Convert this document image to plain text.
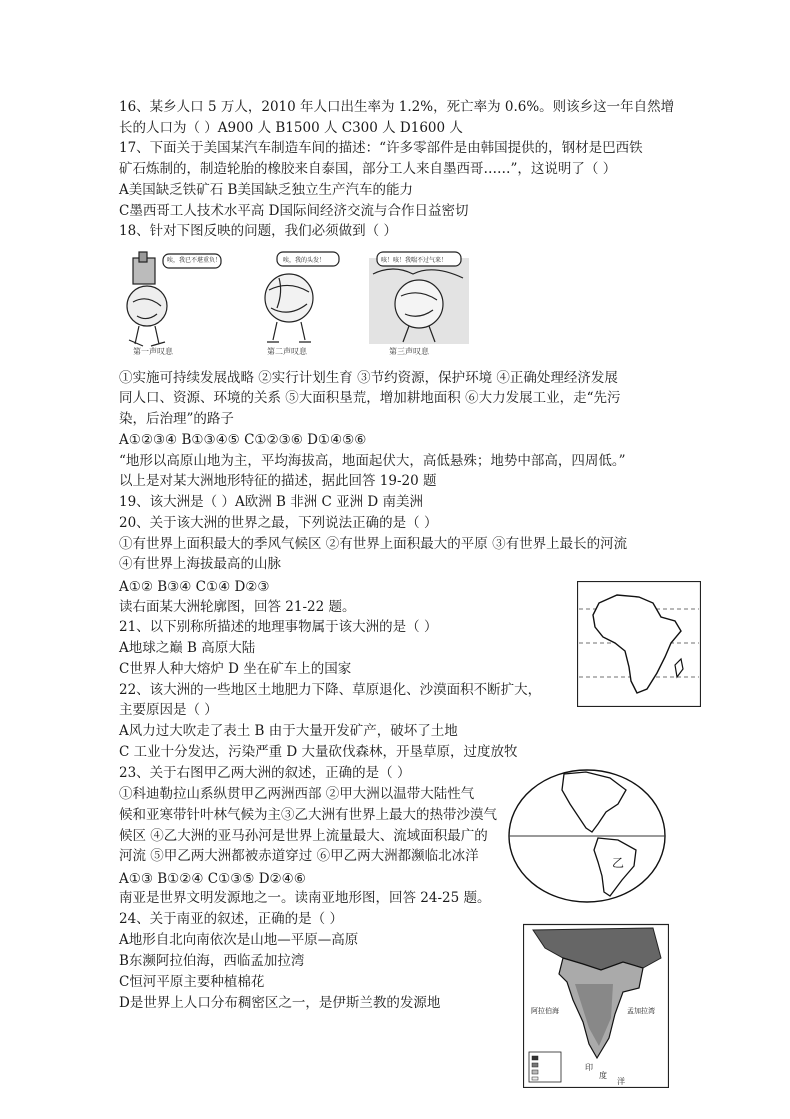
16、某乡人口 5 万人，2010 年人口出生率为 1.2%，死亡率为 0.6%。则该乡这一年自然增
长的人口为（ ）A900 人 B1500 人 C300 人 D1600 人
17、下面关于美国某汽车制造车间的描述：“许多零部件是由韩国提供的，钢材是巴西铁
矿石炼制的，制造轮胎的橡胶来自泰国，部分工人来自墨西哥……”，这说明了（ ）
A美国缺乏铁矿石 B美国缺乏独立生产汽车的能力
C墨西哥工人技术水平高 D国际间经济交流与合作日益密切
18、针对下图反映的问题，我们必须做到（ ）
唉，我已不堪重负！	唉，我的头发！	咳！咳！我喘不过气来！
第一声叹息	第二声叹息	第三声叹息
①实施可持续发展战略 ②实行计划生育 ③节约资源，保护环境 ④正确处理经济发展
同人口、资源、环境的关系 ⑤大面积垦荒，增加耕地面积 ⑥大力发展工业，走“先污
染，后治理”的路子
A①②③④ B①③④⑤ C①②③⑥ D①④⑤⑥
“地形以高原山地为主，平均海拔高，地面起伏大，高低悬殊；地势中部高，四周低。”
以上是对某大洲地形特征的描述，据此回答 19-20 题
19、该大洲是（ ）A欧洲 B 非洲 C 亚洲 D 南美洲
20、关于该大洲的世界之最，下列说法正确的是（ ）
①有世界上面积最大的季风气候区 ②有世界上面积最大的平原 ③有世界上最长的河流
④有世界上海拔最高的山脉
A①② B③④ C①④ D②③
读右面某大洲轮廓图，回答 21-22 题。
21、以下别称所描述的地理事物属于该大洲的是（ ）
A地球之巅 B 高原大陆
C世界人种大熔炉 D 坐在矿车上的国家
22、该大洲的一些地区土地肥力下降、草原退化、沙漠面积不断扩大，
主要原因是（ ）
A风力过大吹走了表土 B 由于大量开发矿产，破坏了土地
C 工业十分发达，污染严重 D 大量砍伐森林，开垦草原，过度放牧
23、关于右图甲乙两大洲的叙述，正确的是（ ）
①科迪勒拉山系纵贯甲乙两洲西部 ②甲大洲以温带大陆性气
候和亚寒带针叶林气候为主③乙大洲有世界上最大的热带沙漠气
候区 ④乙大洲的亚马孙河是世界上流量最大、流域面积最广的
河流 ⑤甲乙两大洲都被赤道穿过 ⑥甲乙两大洲都濒临北冰洋
A①③ B①②④ C①③⑤ D②④⑥
南亚是世界文明发源地之一。读南亚地形图，回答 24-25 题。
24、关于南亚的叙述，正确的是（ ）
A地形自北向南依次是山地—平原—高原
B东濒阿拉伯海，西临孟加拉湾
C恒河平原主要种植棉花
D是世界上人口分布稠密区之一，是伊斯兰教的发源地
乙
阿拉伯海	孟加拉湾
印
度
洋
